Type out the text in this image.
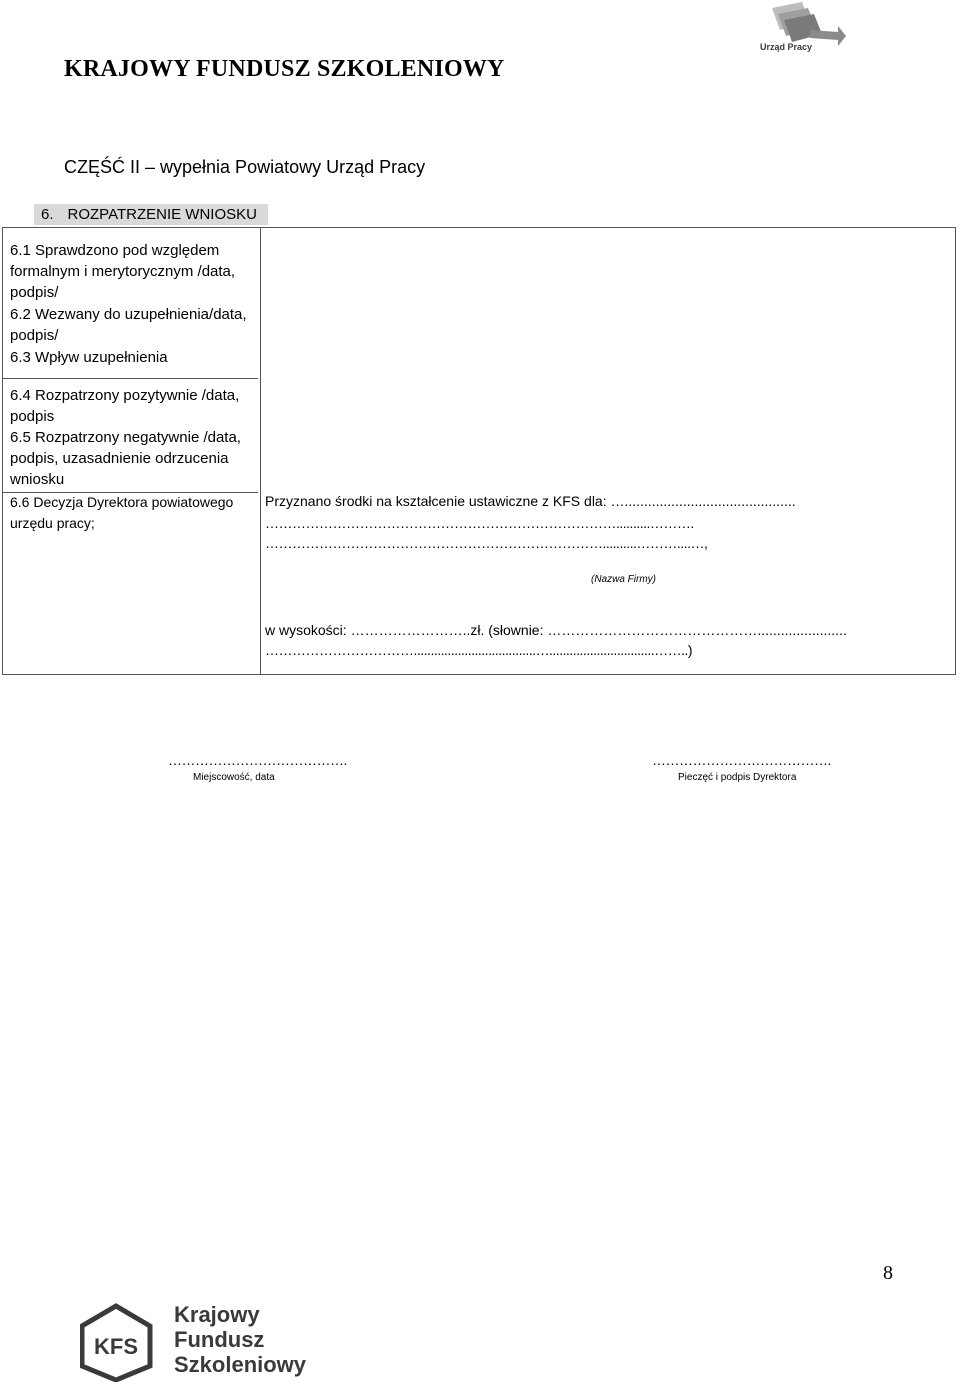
Urząd Pracy
KRAJOWY FUNDUSZ SZKOLENIOWY
CZĘŚĆ II – wypełnia Powiatowy Urząd Pracy
6. ROZPATRZENIE WNIOSKU
6.1 Sprawdzono pod względem formalnym i merytorycznym /data, podpis/
6.2 Wezwany do uzupełnienia/data, podpis/
6.3 Wpływ uzupełnienia
6.4 Rozpatrzony pozytywnie /data, podpis
6.5 Rozpatrzony negatywnie /data, podpis, uzasadnienie odrzucenia wniosku
6.6 Decyzja Dyrektora powiatowego urzędu pracy;
Przyznano środki na kształcenie ustawiczne z KFS dla: …............................................
……………………………………………………………………..........……….
…………………………………………………………………..........………....…,
(Nazwa Firmy)
w wysokości: ……………………..zł. (słownie: ……………………………………….......................
……………………………....................................…...............................……..)
………………………………….
Miejscowość, data
………………………………….
Pieczęć i podpis Dyrektora
8
KFS
Krajowy
Fundusz
Szkoleniowy
